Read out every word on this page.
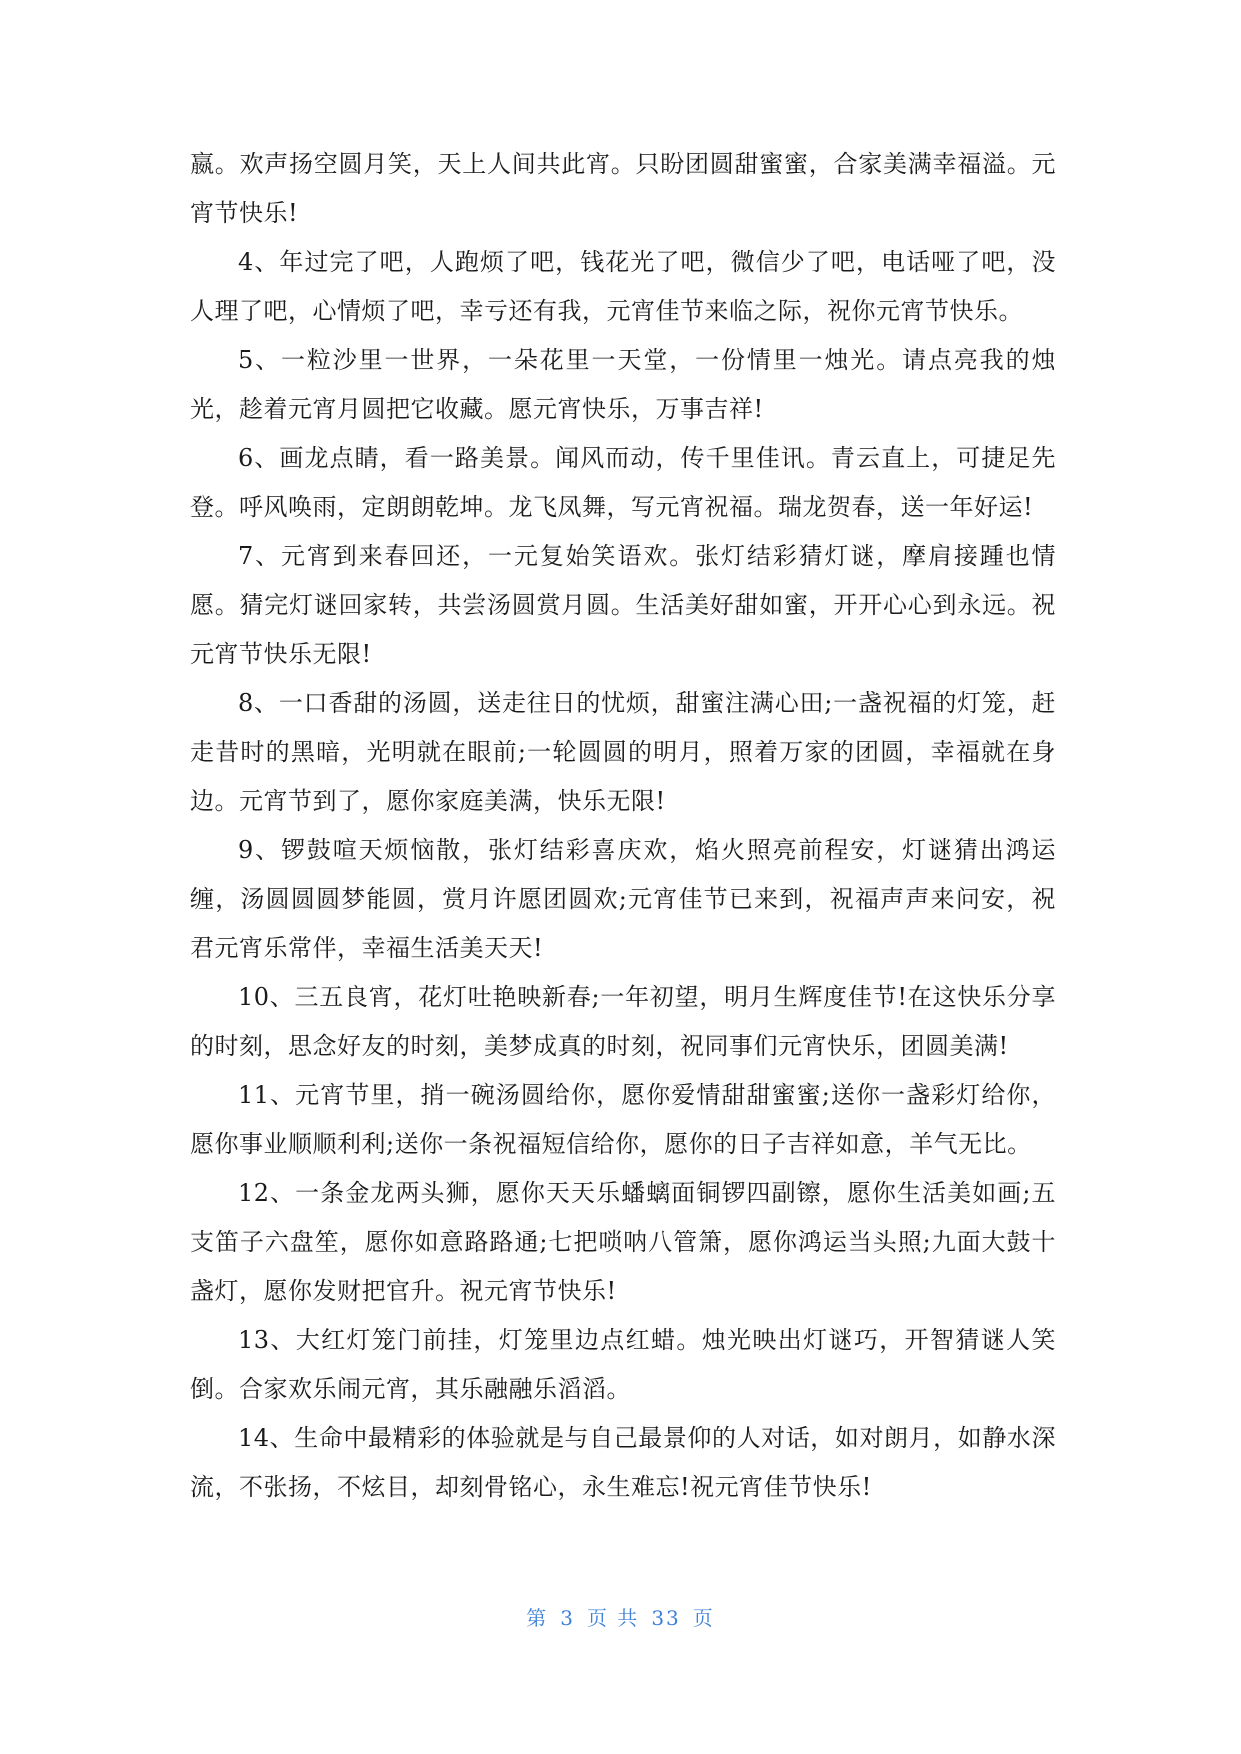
嬴。欢声扬空圆月笑，天上人间共此宵。只盼团圆甜蜜蜜，合家美满幸福溢。元宵节快乐!

4、年过完了吧，人跑烦了吧，钱花光了吧，微信少了吧，电话哑了吧，没人理了吧，心情烦了吧，幸亏还有我，元宵佳节来临之际，祝你元宵节快乐。

5、一粒沙里一世界，一朵花里一天堂，一份情里一烛光。请点亮我的烛光，趁着元宵月圆把它收藏。愿元宵快乐，万事吉祥!

6、画龙点睛，看一路美景。闻风而动，传千里佳讯。青云直上，可捷足先登。呼风唤雨，定朗朗乾坤。龙飞凤舞，写元宵祝福。瑞龙贺春，送一年好运!

7、元宵到来春回还，一元复始笑语欢。张灯结彩猜灯谜，摩肩接踵也情愿。猜完灯谜回家转，共尝汤圆赏月圆。生活美好甜如蜜，开开心心到永远。祝元宵节快乐无限!

8、一口香甜的汤圆，送走往日的忧烦，甜蜜注满心田;一盏祝福的灯笼，赶走昔时的黑暗，光明就在眼前;一轮圆圆的明月，照着万家的团圆，幸福就在身边。元宵节到了，愿你家庭美满，快乐无限!

9、锣鼓喧天烦恼散，张灯结彩喜庆欢，焰火照亮前程安，灯谜猜出鸿运缠，汤圆圆圆梦能圆，赏月许愿团圆欢;元宵佳节已来到，祝福声声来问安，祝君元宵乐常伴，幸福生活美天天!

10、三五良宵，花灯吐艳映新春;一年初望，明月生辉度佳节!在这快乐分享的时刻，思念好友的时刻，美梦成真的时刻，祝同事们元宵快乐，团圆美满!

11、元宵节里，捎一碗汤圆给你，愿你爱情甜甜蜜蜜;送你一盏彩灯给你，愿你事业顺顺利利;送你一条祝福短信给你，愿你的日子吉祥如意，羊气无比。

12、一条金龙两头狮，愿你天天乐蟠螭面铜锣四副镲，愿你生活美如画;五支笛子六盘笙，愿你如意路路通;七把唢呐八管箫，愿你鸿运当头照;九面大鼓十盏灯，愿你发财把官升。祝元宵节快乐!

13、大红灯笼门前挂，灯笼里边点红蜡。烛光映出灯谜巧，开智猜谜人笑倒。合家欢乐闹元宵，其乐融融乐滔滔。

14、生命中最精彩的体验就是与自己最景仰的人对话，如对朗月，如静水深流，不张扬，不炫目，却刻骨铭心，永生难忘!祝元宵佳节快乐!

第 3 页 共 33 页
